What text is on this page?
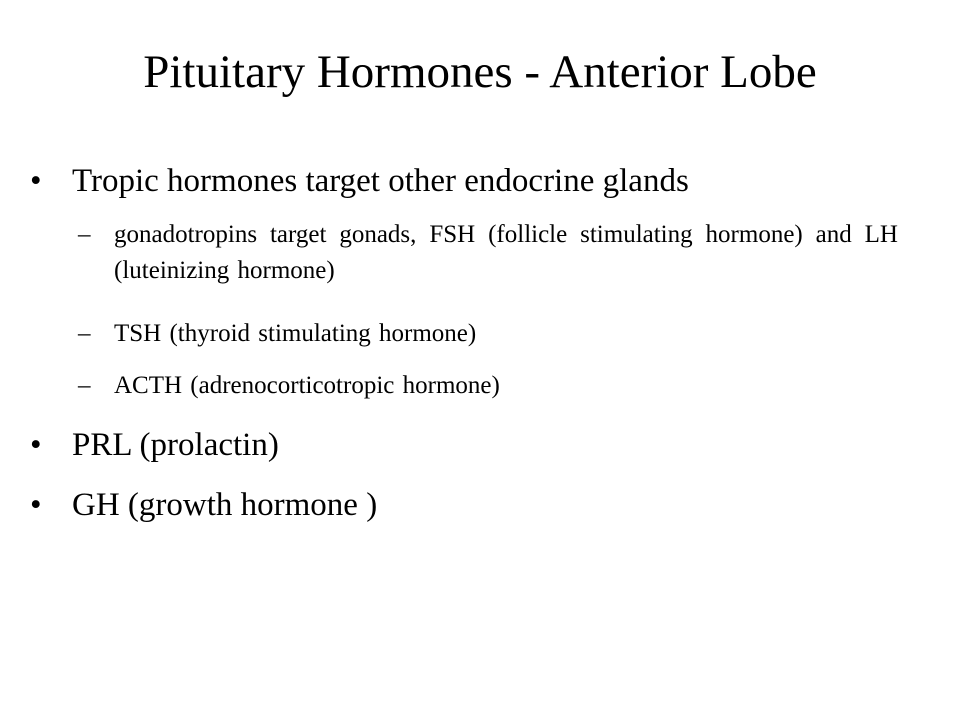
Pituitary Hormones - Anterior Lobe
• Tropic hormones target other endocrine glands
– gonadotropins target gonads, FSH (follicle stimulating hormone) and LH (luteinizing hormone)
– TSH (thyroid stimulating hormone)
– ACTH (adrenocorticotropic hormone)
• PRL (prolactin)
• GH (growth hormone )
